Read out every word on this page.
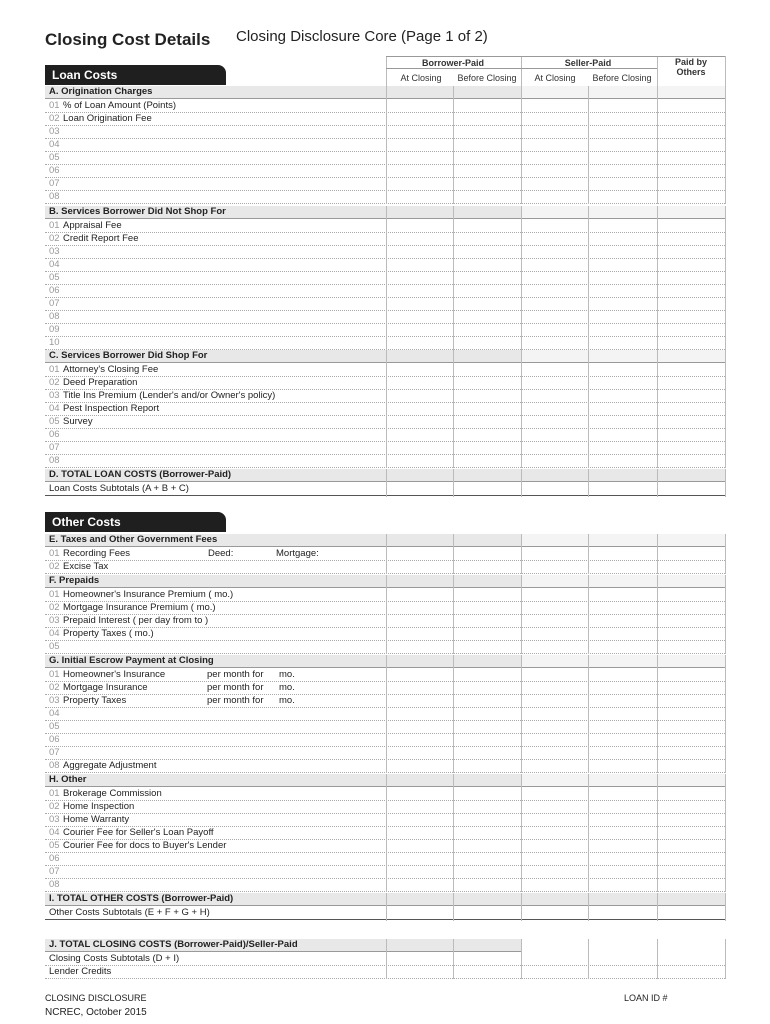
Closing Cost Details Closing Disclosure Core (Page 1 of 2)
Borrower-Paid	Seller-Paid	Paid by
Others
At Closing	Before Closing	At Closing	Before Closing
Loan Costs
Other Costs
CLOSING DISCLOSURE
NCREC, October 2015
LOAN ID #
A. Origination Charges
01 % of Loan Amount (Points)
02 Loan Origination Fee
03
04
05
06
07
08
B. Services Borrower Did Not Shop For
01 Appraisal Fee
02 Credit Report Fee
03
04
05
06
07
08
09
10
C. Services Borrower Did Shop For
01 Attorney's Closing Fee
02 Deed Preparation
03 Title Ins Premium (Lender's and/or Owner's policy)
04 Pest Inspection Report
05 Survey
06
07
08
D. TOTAL LOAN COSTS (Borrower-Paid)
Loan Costs Subtotals (A + B + C)
E. Taxes and Other Government Fees
01 Recording Fees	Deed:	Mortgage:
02 Excise Tax
F. Prepaids
01 Homeowner's Insurance Premium ( mo.)
02 Mortgage Insurance Premium ( mo.)
03 Prepaid Interest ( per day from to )
04 Property Taxes ( mo.)
05
G. Initial Escrow Payment at Closing
01 Homeowner's Insurance	per month for mo.
02 Mortgage Insurance	per month for mo.
03 Property Taxes	per month for mo.
04
05
06
07
08 Aggregate Adjustment
H. Other
01 Brokerage Commission
02 Home Inspection
03 Home Warranty
04 Courier Fee for Seller's Loan Payoff
05 Courier Fee for docs to Buyer's Lender
06
07
08
I. TOTAL OTHER COSTS (Borrower-Paid)
Other Costs Subtotals (E + F + G + H)
J. TOTAL CLOSING COSTS (Borrower-Paid)/Seller-Paid
Closing Costs Subtotals (D + I)
Lender Credits
